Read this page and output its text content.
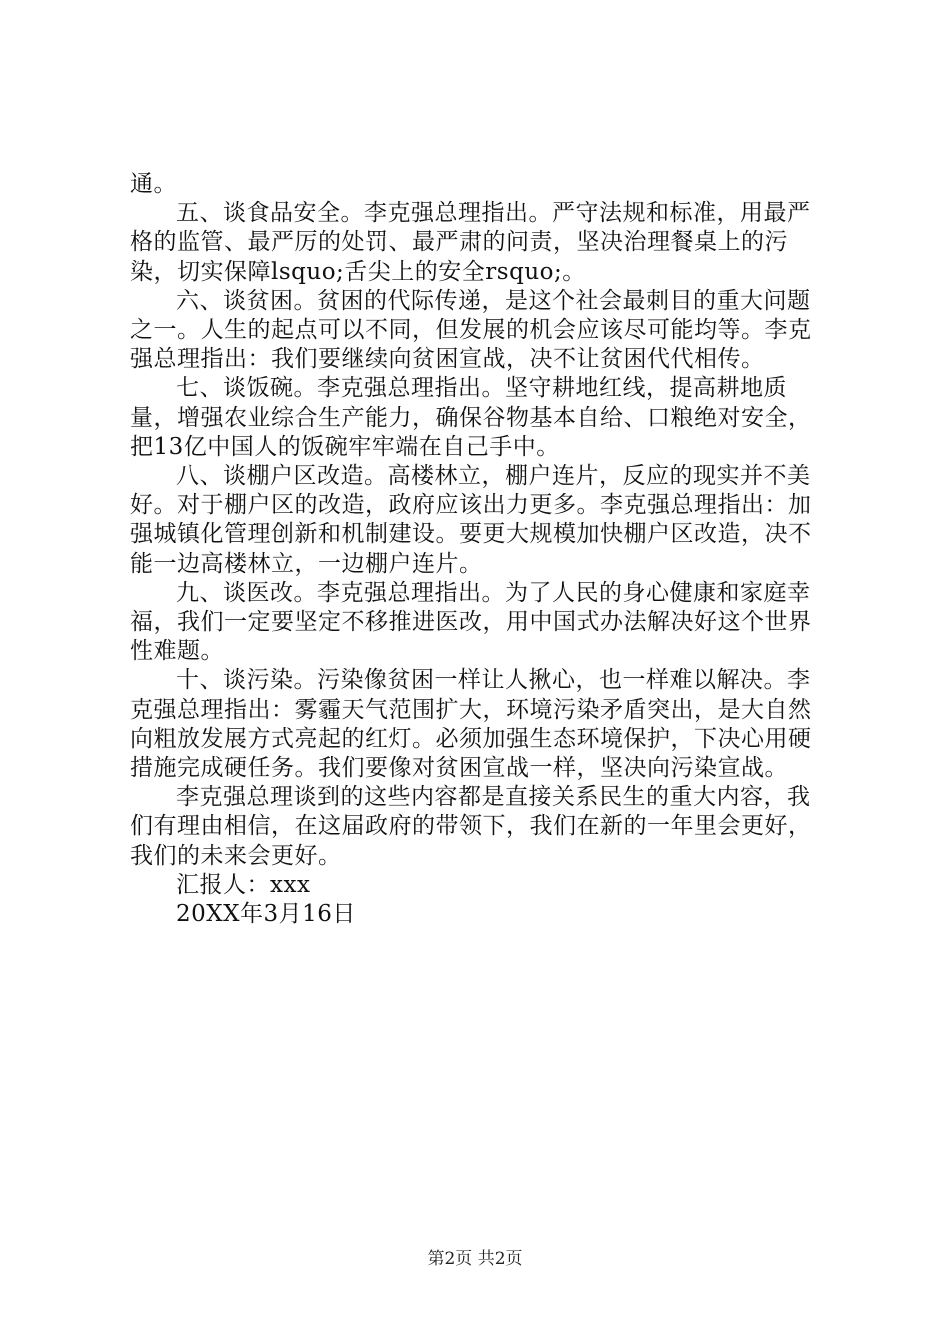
通。

五、谈食品安全。李克强总理指出。严守法规和标准，用最严格的监管、最严厉的处罚、最严肃的问责，坚决治理餐桌上的污染，切实保障lsquo;舌尖上的安全rsquo;。

六、谈贫困。贫困的代际传递，是这个社会最刺目的重大问题之一。人生的起点可以不同，但发展的机会应该尽可能均等。李克强总理指出：我们要继续向贫困宣战，决不让贫困代代相传。

七、谈饭碗。李克强总理指出。坚守耕地红线，提高耕地质量，增强农业综合生产能力，确保谷物基本自给、口粮绝对安全，把13亿中国人的饭碗牢牢端在自己手中。

八、谈棚户区改造。高楼林立，棚户连片，反应的现实并不美好。对于棚户区的改造，政府应该出力更多。李克强总理指出：加强城镇化管理创新和机制建设。要更大规模加快棚户区改造，决不能一边高楼林立，一边棚户连片。

九、谈医改。李克强总理指出。为了人民的身心健康和家庭幸福，我们一定要坚定不移推进医改，用中国式办法解决好这个世界性难题。

十、谈污染。污染像贫困一样让人揪心，也一样难以解决。李克强总理指出：雾霾天气范围扩大，环境污染矛盾突出，是大自然向粗放发展方式亮起的红灯。必须加强生态环境保护，下决心用硬措施完成硬任务。我们要像对贫困宣战一样，坚决向污染宣战。

李克强总理谈到的这些内容都是直接关系民生的重大内容，我们有理由相信，在这届政府的带领下，我们在新的一年里会更好，我们的未来会更好。

汇报人：xxx

20XX年3月16日

第2页 共2页
